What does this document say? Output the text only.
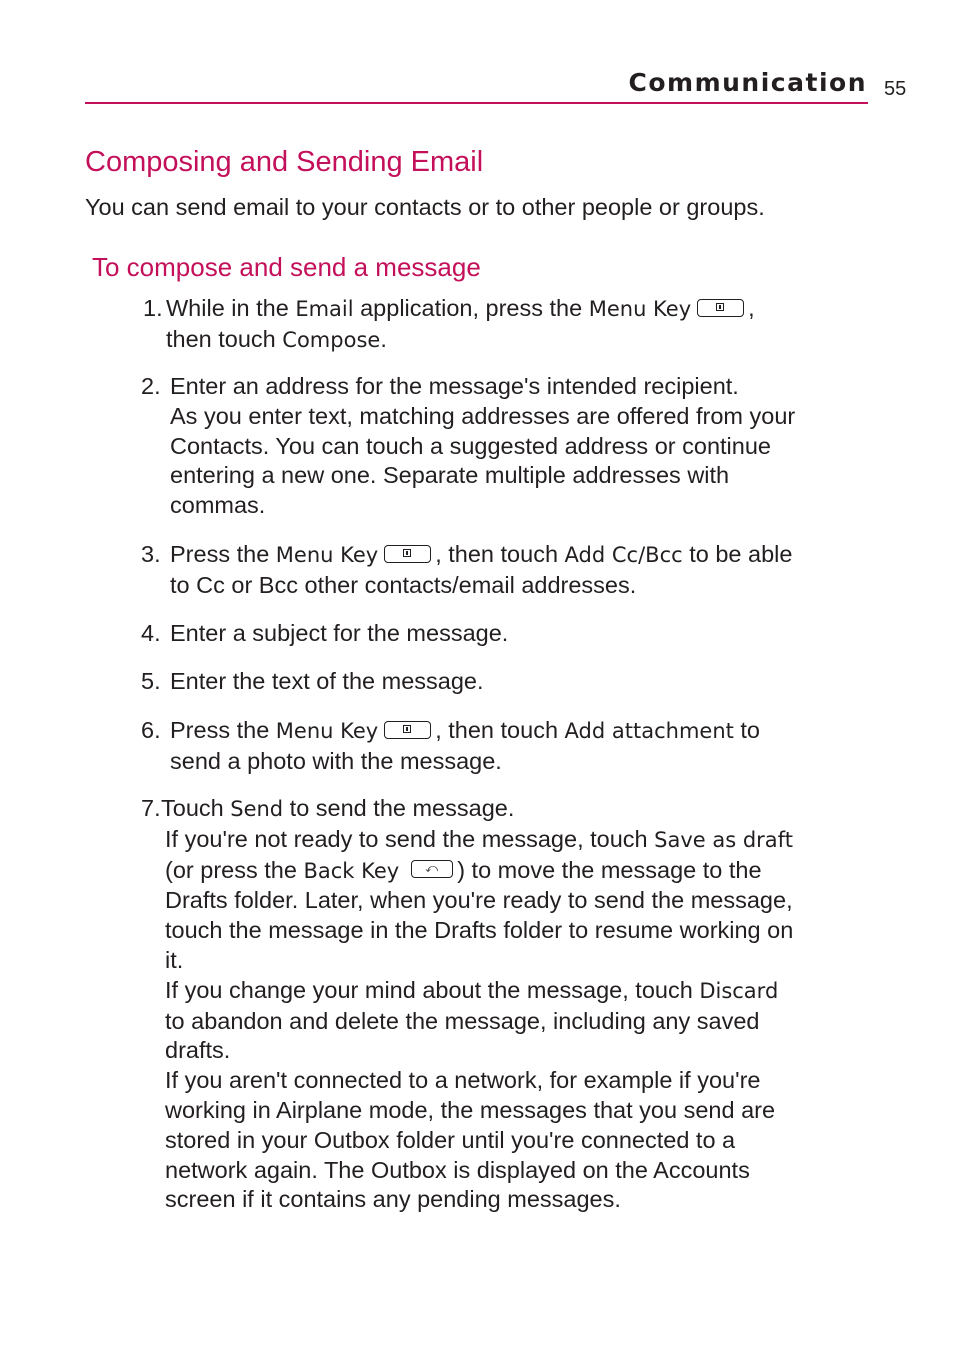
Communication 55
Composing and Sending Email

You can send email to your contacts or to other people or groups.

To compose and send a message
1. While in the Email application, press the Menu Key ,
then touch Compose.
2. Enter an address for the message's intended recipient.
As you enter text, matching addresses are offered from your
Contacts. You can touch a suggested address or continue
entering a new one. Separate multiple addresses with
commas.
3. Press the Menu Key , then touch Add Cc/Bcc to be able
to Cc or Bcc other contacts/email addresses.
4. Enter a subject for the message.
5. Enter the text of the message.
6. Press the Menu Key , then touch Add attachment to
send a photo with the message.
7. Touch Send to send the message.
If you're not ready to send the message, touch Save as draft
(or press the Back Key ⤺ ) to move the message to the
Drafts folder. Later, when you're ready to send the message,
touch the message in the Drafts folder to resume working on
it.
If you change your mind about the message, touch Discard
to abandon and delete the message, including any saved
drafts.
If you aren't connected to a network, for example if you're
working in Airplane mode, the messages that you send are
stored in your Outbox folder until you're connected to a
network again. The Outbox is displayed on the Accounts
screen if it contains any pending messages.
